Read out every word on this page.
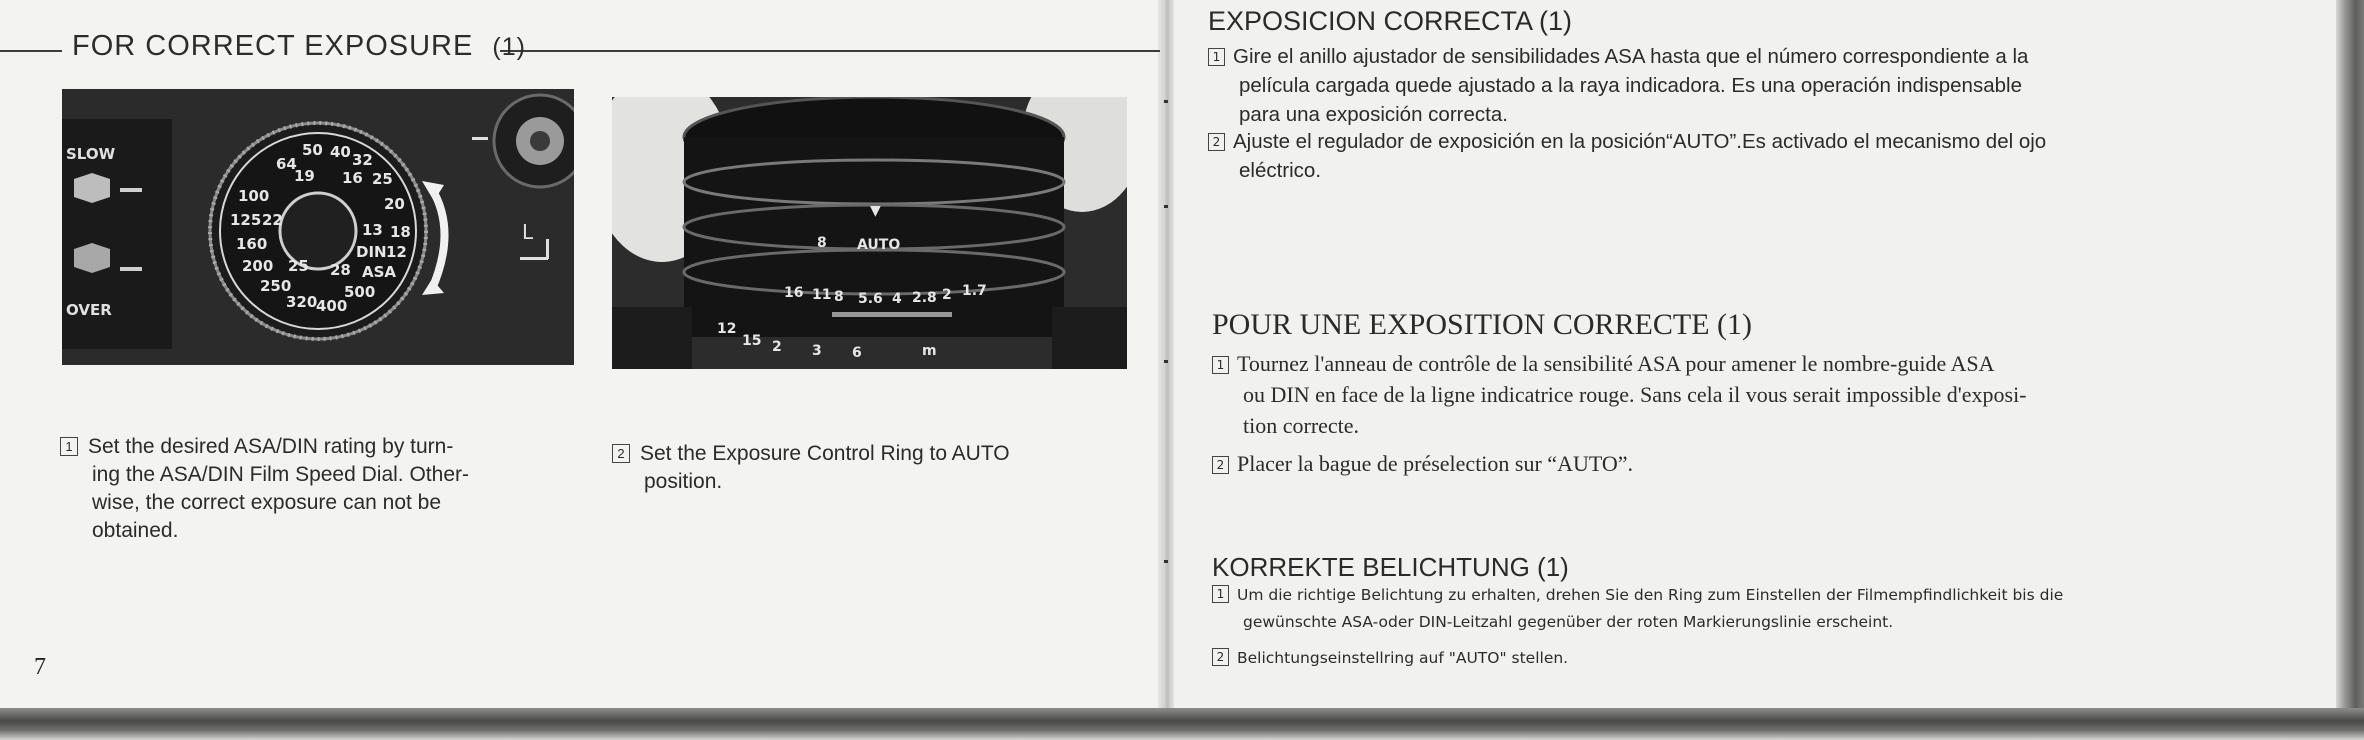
FOR CORRECT EXPOSURE (1)
SLOW
OVER
64
50 40 32
19 16 25
100
125 22
160
200 25
250
28
320
400
500
20
13 18
DIN 12
ASA
L
▼
8 AUTO
16 11 8 5.6 4 2.8 2 1.7
12
15 2 3 6	m
1 Set the desired ASA/DIN rating by turn-
ing the ASA/DIN Film Speed Dial. Other-
wise, the correct exposure can not be
obtained.
2 Set the Exposure Control Ring to AUTO
position.
7
EXPOSICION CORRECTA (1)
1 Gire el anillo ajustador de sensibilidades ASA hasta que el número correspondiente a la
película cargada quede ajustado a la raya indicadora. Es una operación indispensable
para una exposición correcta.
2 Ajuste el regulador de exposición en la posición“AUTO”.Es activado el mecanismo del ojo
eléctrico.
POUR UNE EXPOSITION CORRECTE (1)
1 Tournez l'anneau de contrôle de la sensibilité ASA pour amener le nombre-guide ASA
ou DIN en face de la ligne indicatrice rouge. Sans cela il vous serait impossible d'exposi-
tion correcte.
2 Placer la bague de préselection sur “AUTO”.
KORREKTE BELICHTUNG (1)
1 Um die richtige Belichtung zu erhalten, drehen Sie den Ring zum Einstellen der Filmempfindlichkeit bis die
gewünschte ASA-oder DIN-Leitzahl gegenüber der roten Markierungslinie erscheint.
2 Belichtungseinstellring auf "AUTO" stellen.
